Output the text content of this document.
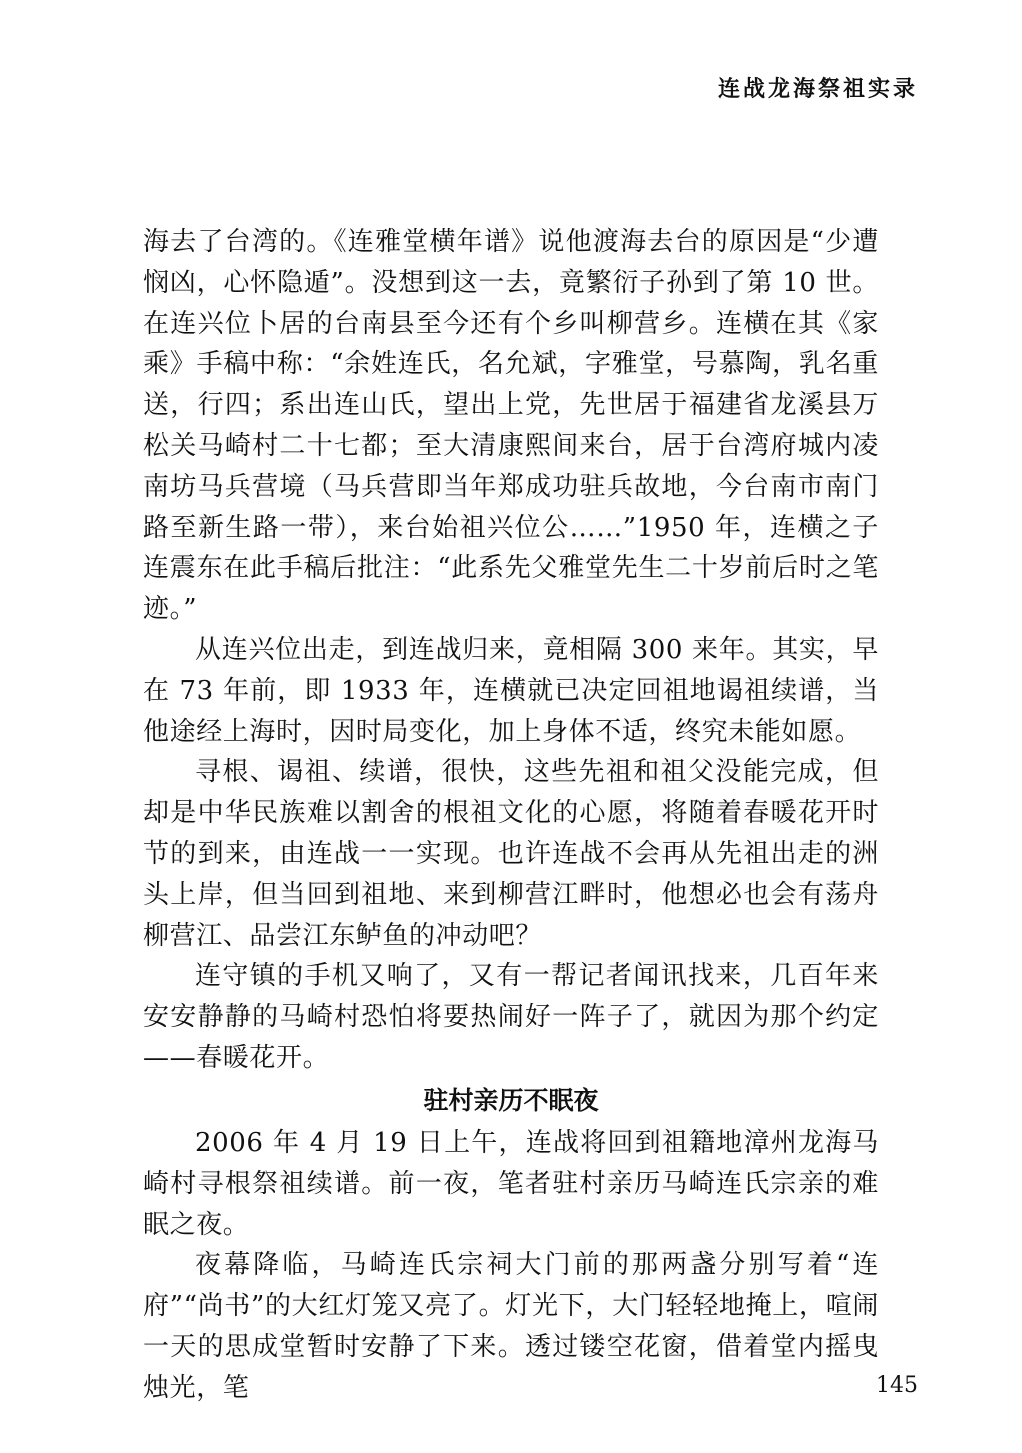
连战龙海祭祖实录

海去了台湾的。《连雅堂横年谱》说他渡海去台的原因是“少遭悯凶，心怀隐遁”。没想到这一去，竟繁衍子孙到了第 10 世。在连兴位卜居的台南县至今还有个乡叫柳营乡。连横在其《家乘》手稿中称：“余姓连氏，名允斌，字雅堂，号慕陶，乳名重送，行四；系出连山氏，望出上党，先世居于福建省龙溪县万松关马崎村二十七都；至大清康熙间来台，居于台湾府城内凌南坊马兵营境（马兵营即当年郑成功驻兵故地，今台南市南门路至新生路一带），来台始祖兴位公……”1950 年，连横之子连震东在此手稿后批注：“此系先父雅堂先生二十岁前后时之笔迹。”

从连兴位出走，到连战归来，竟相隔 300 来年。其实，早在 73 年前，即 1933 年，连横就已决定回祖地谒祖续谱，当他途经上海时，因时局变化，加上身体不适，终究未能如愿。

寻根、谒祖、续谱，很快，这些先祖和祖父没能完成，但却是中华民族难以割舍的根祖文化的心愿，将随着春暖花开时节的到来，由连战一一实现。也许连战不会再从先祖出走的洲头上岸，但当回到祖地、来到柳营江畔时，他想必也会有荡舟柳营江、品尝江东鲈鱼的冲动吧？

连守镇的手机又响了，又有一帮记者闻讯找来，几百年来安安静静的马崎村恐怕将要热闹好一阵子了，就因为那个约定——春暖花开。

驻村亲历不眠夜

2006 年 4 月 19 日上午，连战将回到祖籍地漳州龙海马崎村寻根祭祖续谱。前一夜，笔者驻村亲历马崎连氏宗亲的难眠之夜。

夜幕降临，马崎连氏宗祠大门前的那两盏分别写着“连府”“尚书”的大红灯笼又亮了。灯光下，大门轻轻地掩上，喧闹一天的思成堂暂时安静了下来。透过镂空花窗，借着堂内摇曳烛光，笔	145
